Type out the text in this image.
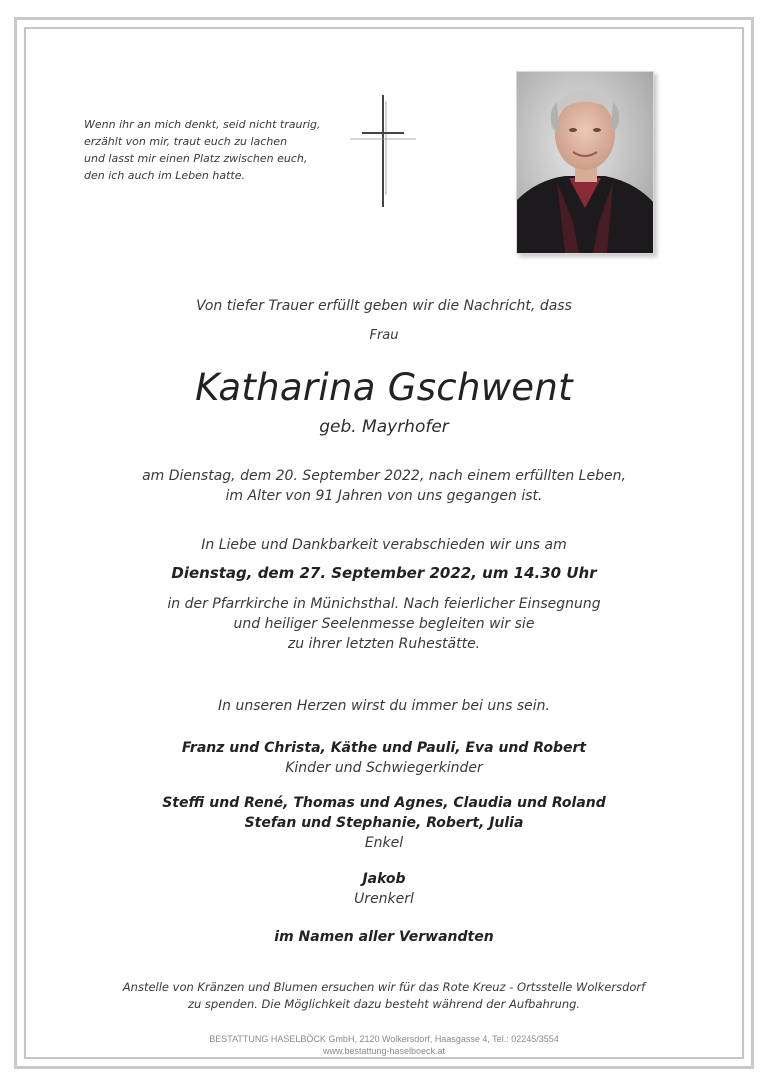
Wenn ihr an mich denkt, seid nicht traurig,
erzählt von mir, traut euch zu lachen
und lasst mir einen Platz zwischen euch,
den ich auch im Leben hatte.
Von tiefer Trauer erfüllt geben wir die Nachricht, dass
Frau
Katharina Gschwent
geb. Mayrhofer
am Dienstag, dem 20. September 2022, nach einem erfüllten Leben,
im Alter von 91 Jahren von uns gegangen ist.
In Liebe und Dankbarkeit verabschieden wir uns am
Dienstag, dem 27. September 2022, um 14.30 Uhr
in der Pfarrkirche in Münichsthal. Nach feierlicher Einsegnung
und heiliger Seelenmesse begleiten wir sie
zu ihrer letzten Ruhestätte.
In unseren Herzen wirst du immer bei uns sein.
Franz und Christa, Käthe und Pauli, Eva und Robert
Kinder und Schwiegerkinder
Steffi und René, Thomas und Agnes, Claudia und Roland
Stefan und Stephanie, Robert, Julia
Enkel
Jakob
Urenkerl
im Namen aller Verwandten
Anstelle von Kränzen und Blumen ersuchen wir für das Rote Kreuz - Ortsstelle Wolkersdorf
zu spenden. Die Möglichkeit dazu besteht während der Aufbahrung.
BESTATTUNG HASELBÖCK GmbH, 2120 Wolkersdorf, Haasgasse 4, Tel.: 02245/3554
www.bestattung-haselboeck.at
